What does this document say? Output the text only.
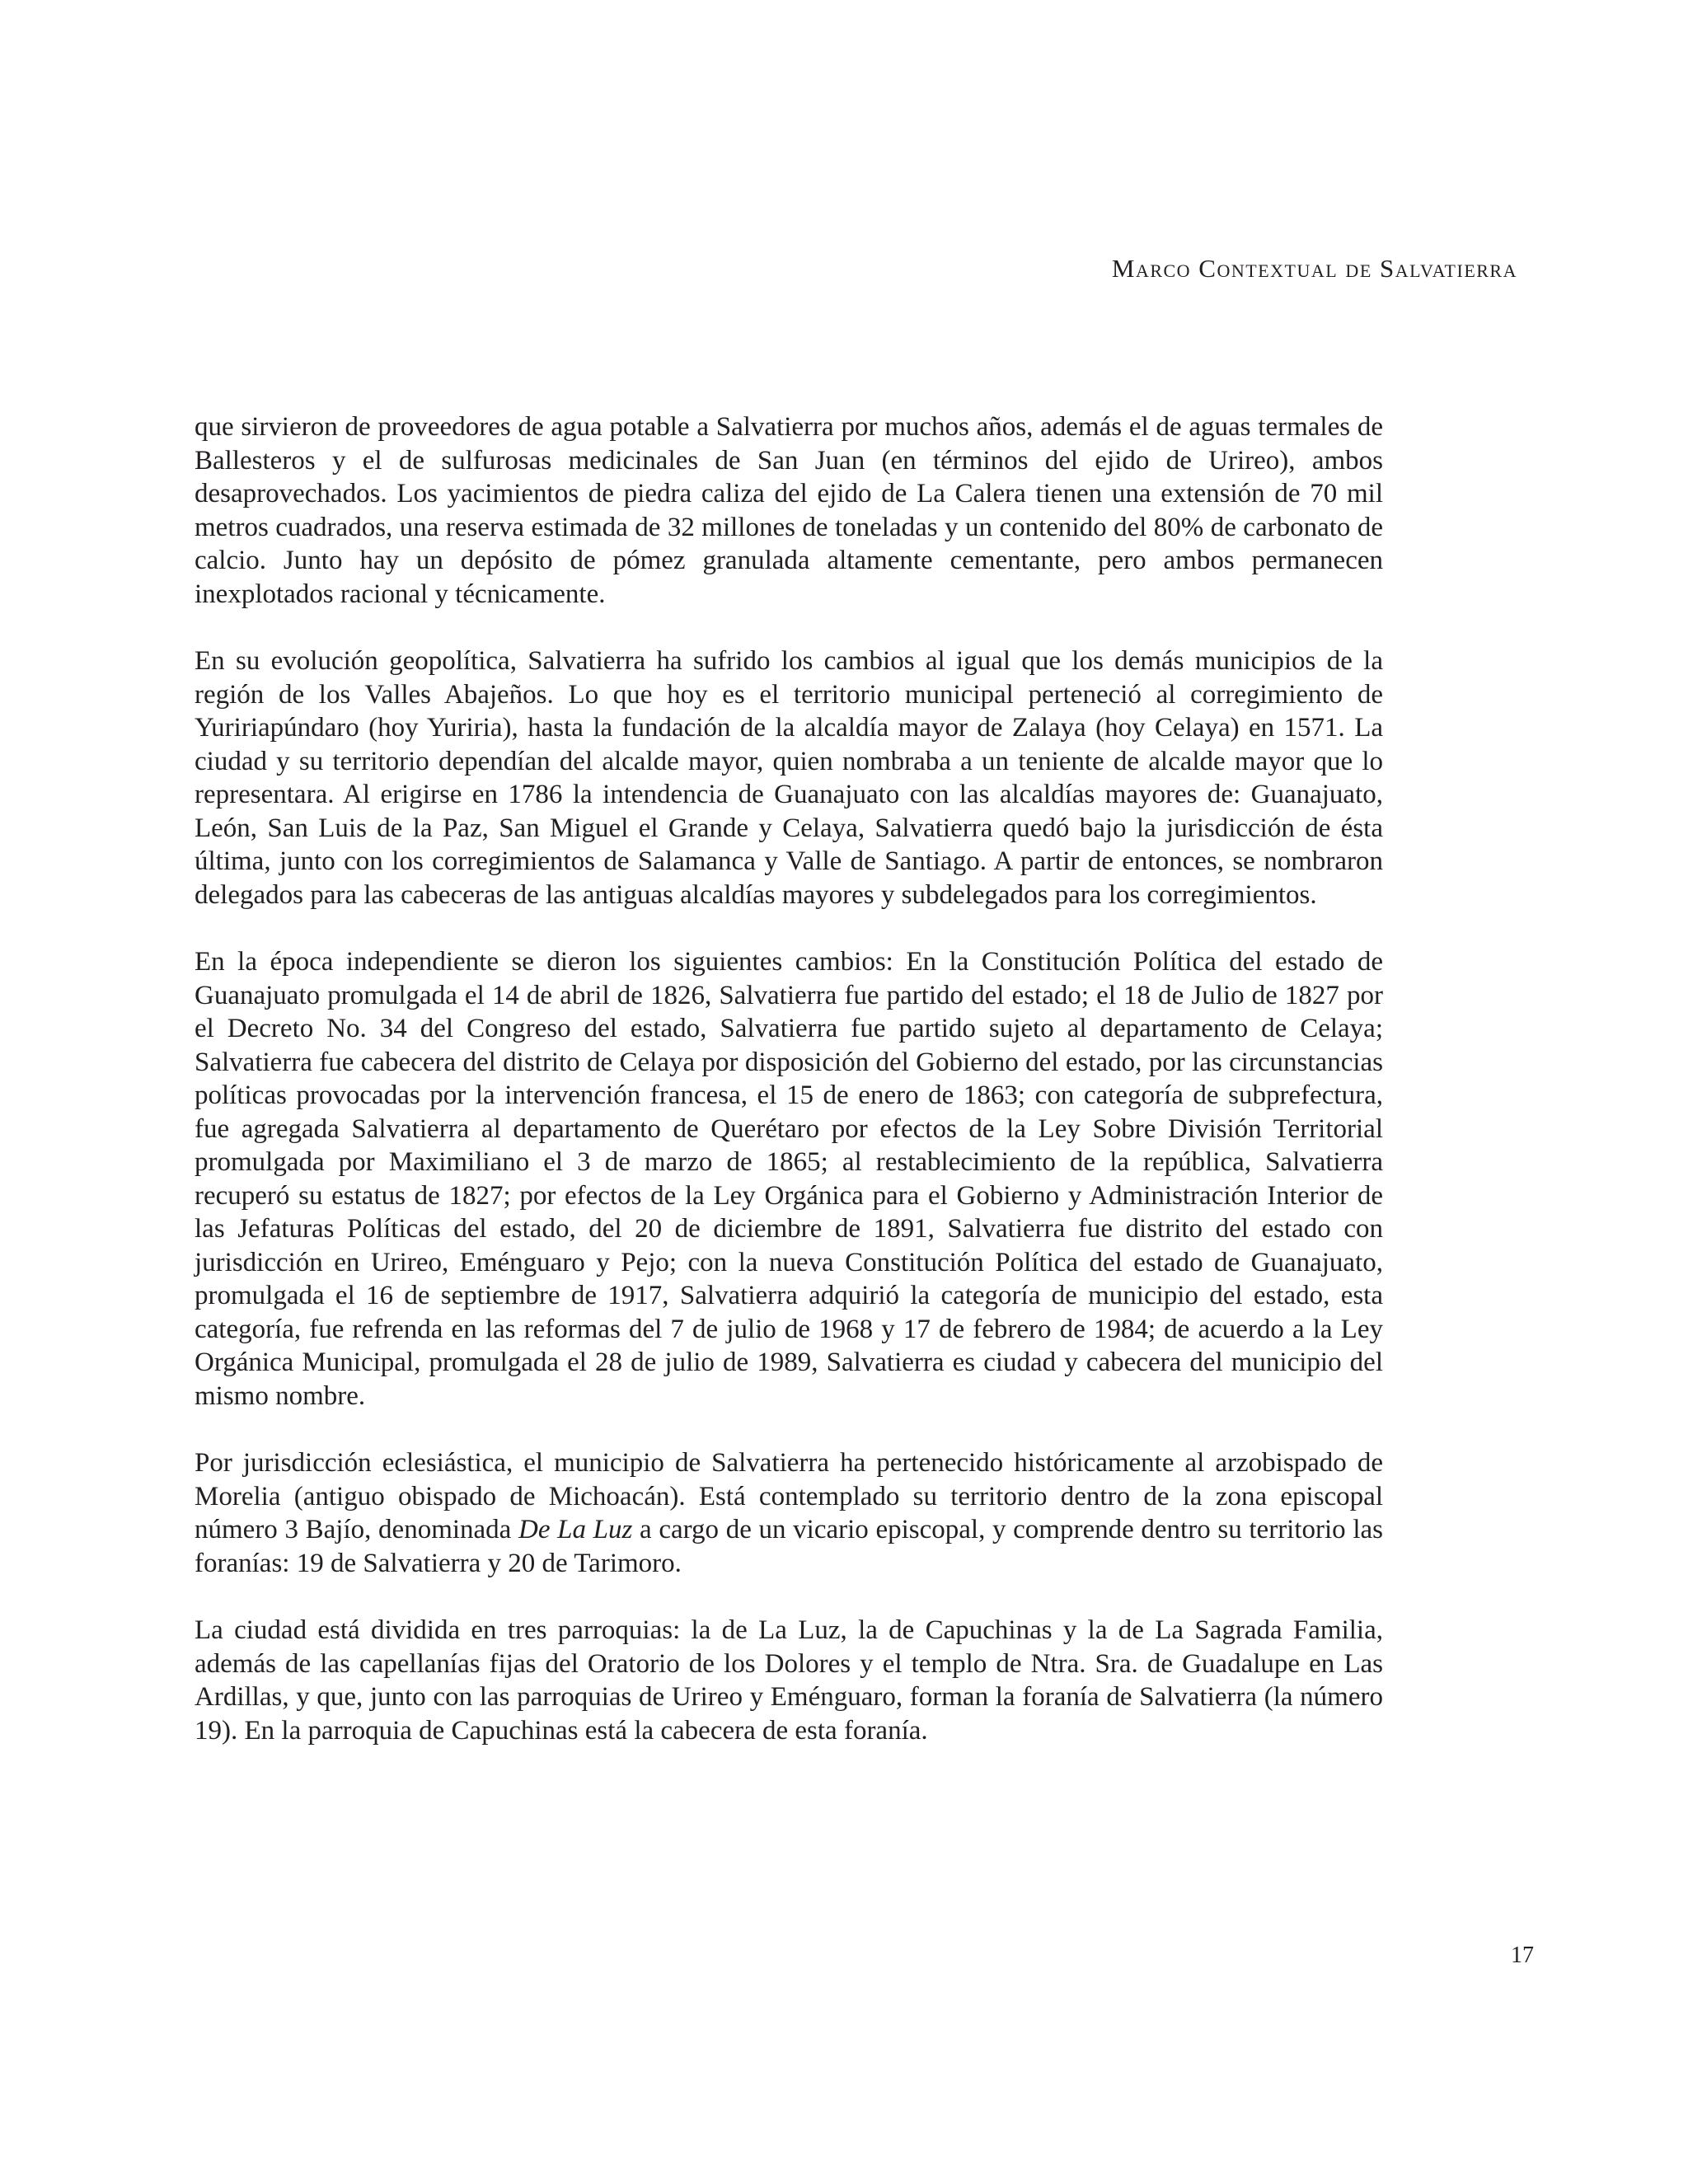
Marco Contextual de Salvatierra

que sirvieron de proveedores de agua potable a Salvatierra por muchos años, además el de aguas termales de Ballesteros y el de sulfurosas medicinales de San Juan (en términos del ejido de Urireo), ambos desaprovechados. Los yacimientos de piedra caliza del ejido de La Calera tienen una extensión de 70 mil metros cuadrados, una reserva estimada de 32 millones de toneladas y un contenido del 80% de carbonato de calcio. Junto hay un depósito de pómez granulada altamente cementante, pero ambos permanecen inexplotados racional y técnicamente.

En su evolución geopolítica, Salvatierra ha sufrido los cambios al igual que los demás municipios de la región de los Valles Abajeños. Lo que hoy es el territorio municipal perteneció al corregimiento de Yuririapúndaro (hoy Yuriria), hasta la fundación de la alcaldía mayor de Zalaya (hoy Celaya) en 1571. La ciudad y su territorio dependían del alcalde mayor, quien nombraba a un teniente de alcalde mayor que lo representara. Al erigirse en 1786 la intendencia de Guanajuato con las alcaldías mayores de: Guanajuato, León, San Luis de la Paz, San Miguel el Grande y Celaya, Salvatierra quedó bajo la jurisdicción de ésta última, junto con los corregimientos de Salamanca y Valle de Santiago. A partir de entonces, se nombraron delegados para las cabeceras de las antiguas alcaldías mayores y subdelegados para los corregimientos.

En la época independiente se dieron los siguientes cambios: En la Constitución Política del estado de Guanajuato promulgada el 14 de abril de 1826, Salvatierra fue partido del estado; el 18 de Julio de 1827 por el Decreto No. 34 del Congreso del estado, Salvatierra fue partido sujeto al departamento de Celaya; Salvatierra fue cabecera del distrito de Celaya por disposición del Gobierno del estado, por las circunstancias políticas provocadas por la intervención francesa, el 15 de enero de 1863; con categoría de subprefectura, fue agregada Salvatierra al departamento de Querétaro por efectos de la Ley Sobre División Territorial promulgada por Maximiliano el 3 de marzo de 1865; al restablecimiento de la república, Salvatierra recuperó su estatus de 1827; por efectos de la Ley Orgánica para el Gobierno y Administración Interior de las Jefaturas Políticas del estado, del 20 de diciembre de 1891, Salvatierra fue distrito del estado con jurisdicción en Urireo, Eménguaro y Pejo; con la nueva Constitución Política del estado de Guanajuato, promulgada el 16 de septiembre de 1917, Salvatierra adquirió la categoría de municipio del estado, esta categoría, fue refrenda en las reformas del 7 de julio de 1968 y 17 de febrero de 1984; de acuerdo a la Ley Orgánica Municipal, promulgada el 28 de julio de 1989, Salvatierra es ciudad y cabecera del municipio del mismo nombre.

Por jurisdicción eclesiástica, el municipio de Salvatierra ha pertenecido históricamente al arzobispado de Morelia (antiguo obispado de Michoacán). Está contemplado su territorio dentro de la zona episcopal número 3 Bajío, denominada De La Luz a cargo de un vicario episcopal, y comprende dentro su territorio las foranías: 19 de Salvatierra y 20 de Tarimoro.

La ciudad está dividida en tres parroquias: la de La Luz, la de Capuchinas y la de La Sagrada Familia, además de las capellanías fijas del Oratorio de los Dolores y el templo de Ntra. Sra. de Guadalupe en Las Ardillas, y que, junto con las parroquias de Urireo y Eménguaro, forman la foranía de Salvatierra (la número 19). En la parroquia de Capuchinas está la cabecera de esta foranía.

17
